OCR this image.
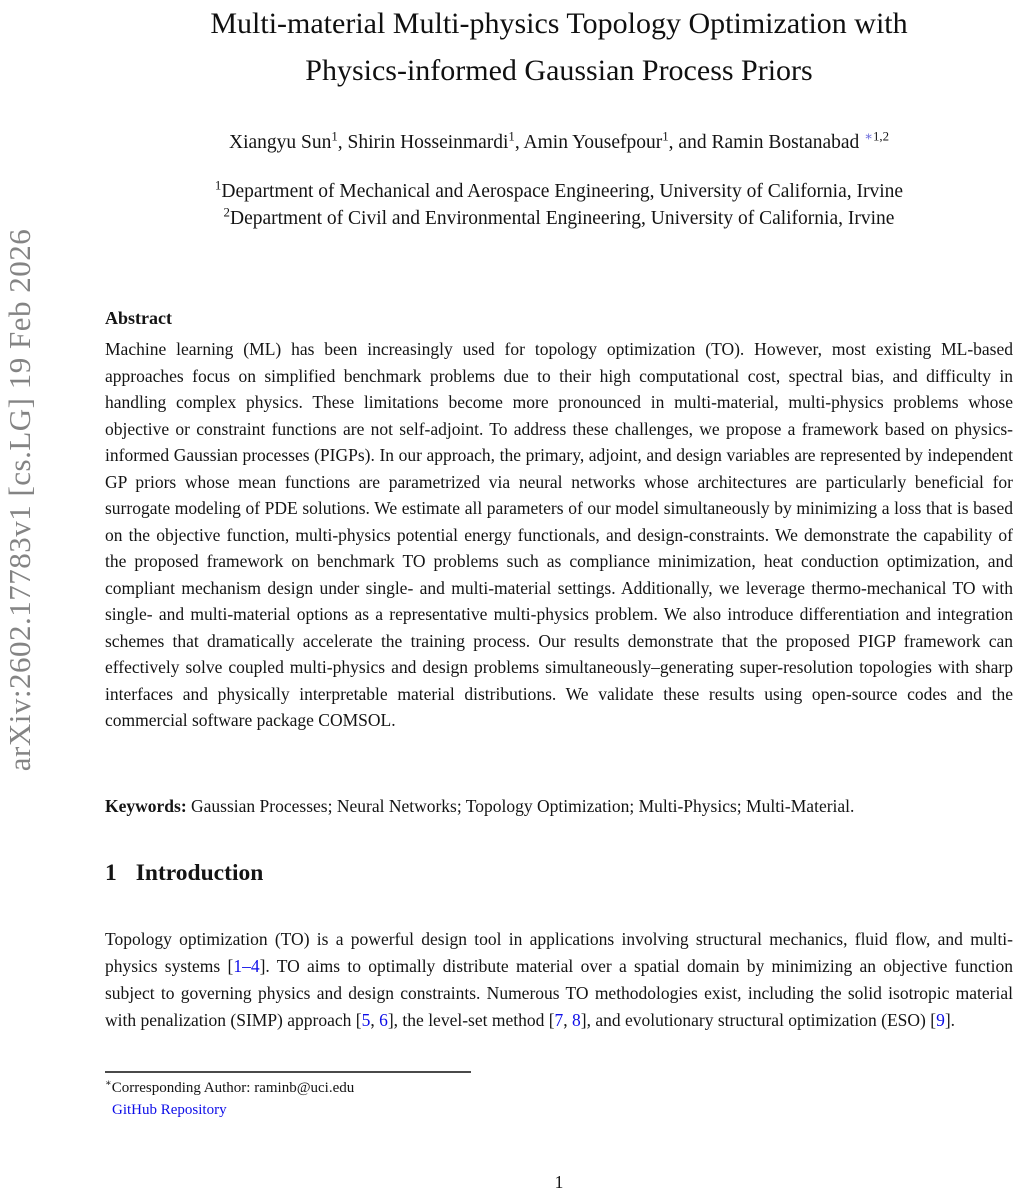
arXiv:2602.17783v1 [cs.LG] 19 Feb 2026
Multi-material Multi-physics Topology Optimization with
Physics-informed Gaussian Process Priors
Xiangyu Sun$^1$, Shirin Hosseinmardi$^1$, Amin Yousefpour$^1$, and Ramin Bostanabad $^{∗1,2}$
$^1$Department of Mechanical and Aerospace Engineering, University of California, Irvine
$^2$Department of Civil and Environmental Engineering, University of California, Irvine
Abstract

Machine learning (ML) has been increasingly used for topology optimization (TO). However, most existing ML-based approaches focus on simplified benchmark problems due to their high computational cost, spectral bias, and difficulty in handling complex physics. These limitations become more pronounced in multi-material, multi-physics problems whose objective or constraint functions are not self-adjoint. To address these challenges, we propose a framework based on physics-informed Gaussian processes (PIGPs). In our approach, the primary, adjoint, and design variables are represented by independent GP priors whose mean functions are parametrized via neural networks whose architectures are particularly beneficial for surrogate modeling of PDE solutions. We estimate all parameters of our model simultaneously by minimizing a loss that is based on the objective function, multi-physics potential energy functionals, and design-constraints. We demonstrate the capability of the proposed framework on benchmark TO problems such as compliance minimization, heat conduction optimization, and compliant mechanism design under single- and multi-material settings. Additionally, we leverage thermo-mechanical TO with single- and multi-material options as a representative multi-physics problem. We also introduce differentiation and integration schemes that dramatically accelerate the training process. Our results demonstrate that the proposed PIGP framework can effectively solve coupled multi-physics and design problems simultaneously–generating super-resolution topologies with sharp interfaces and physically interpretable material distributions. We validate these results using open-source codes and the commercial software package COMSOL.

Keywords: Gaussian Processes; Neural Networks; Topology Optimization; Multi-Physics; Multi-Material.
1 Introduction

Topology optimization (TO) is a powerful design tool in applications involving structural mechanics, fluid flow, and multi-physics systems [1–4]. TO aims to optimally distribute material over a spatial domain by minimizing an objective function subject to governing physics and design constraints. Numerous TO methodologies exist, including the solid isotropic material with penalization (SIMP) approach [5, 6], the level-set method [7, 8], and evolutionary structural optimization (ESO) [9].

∗Corresponding Author: raminb@uci.edu
GitHub Repository
1
